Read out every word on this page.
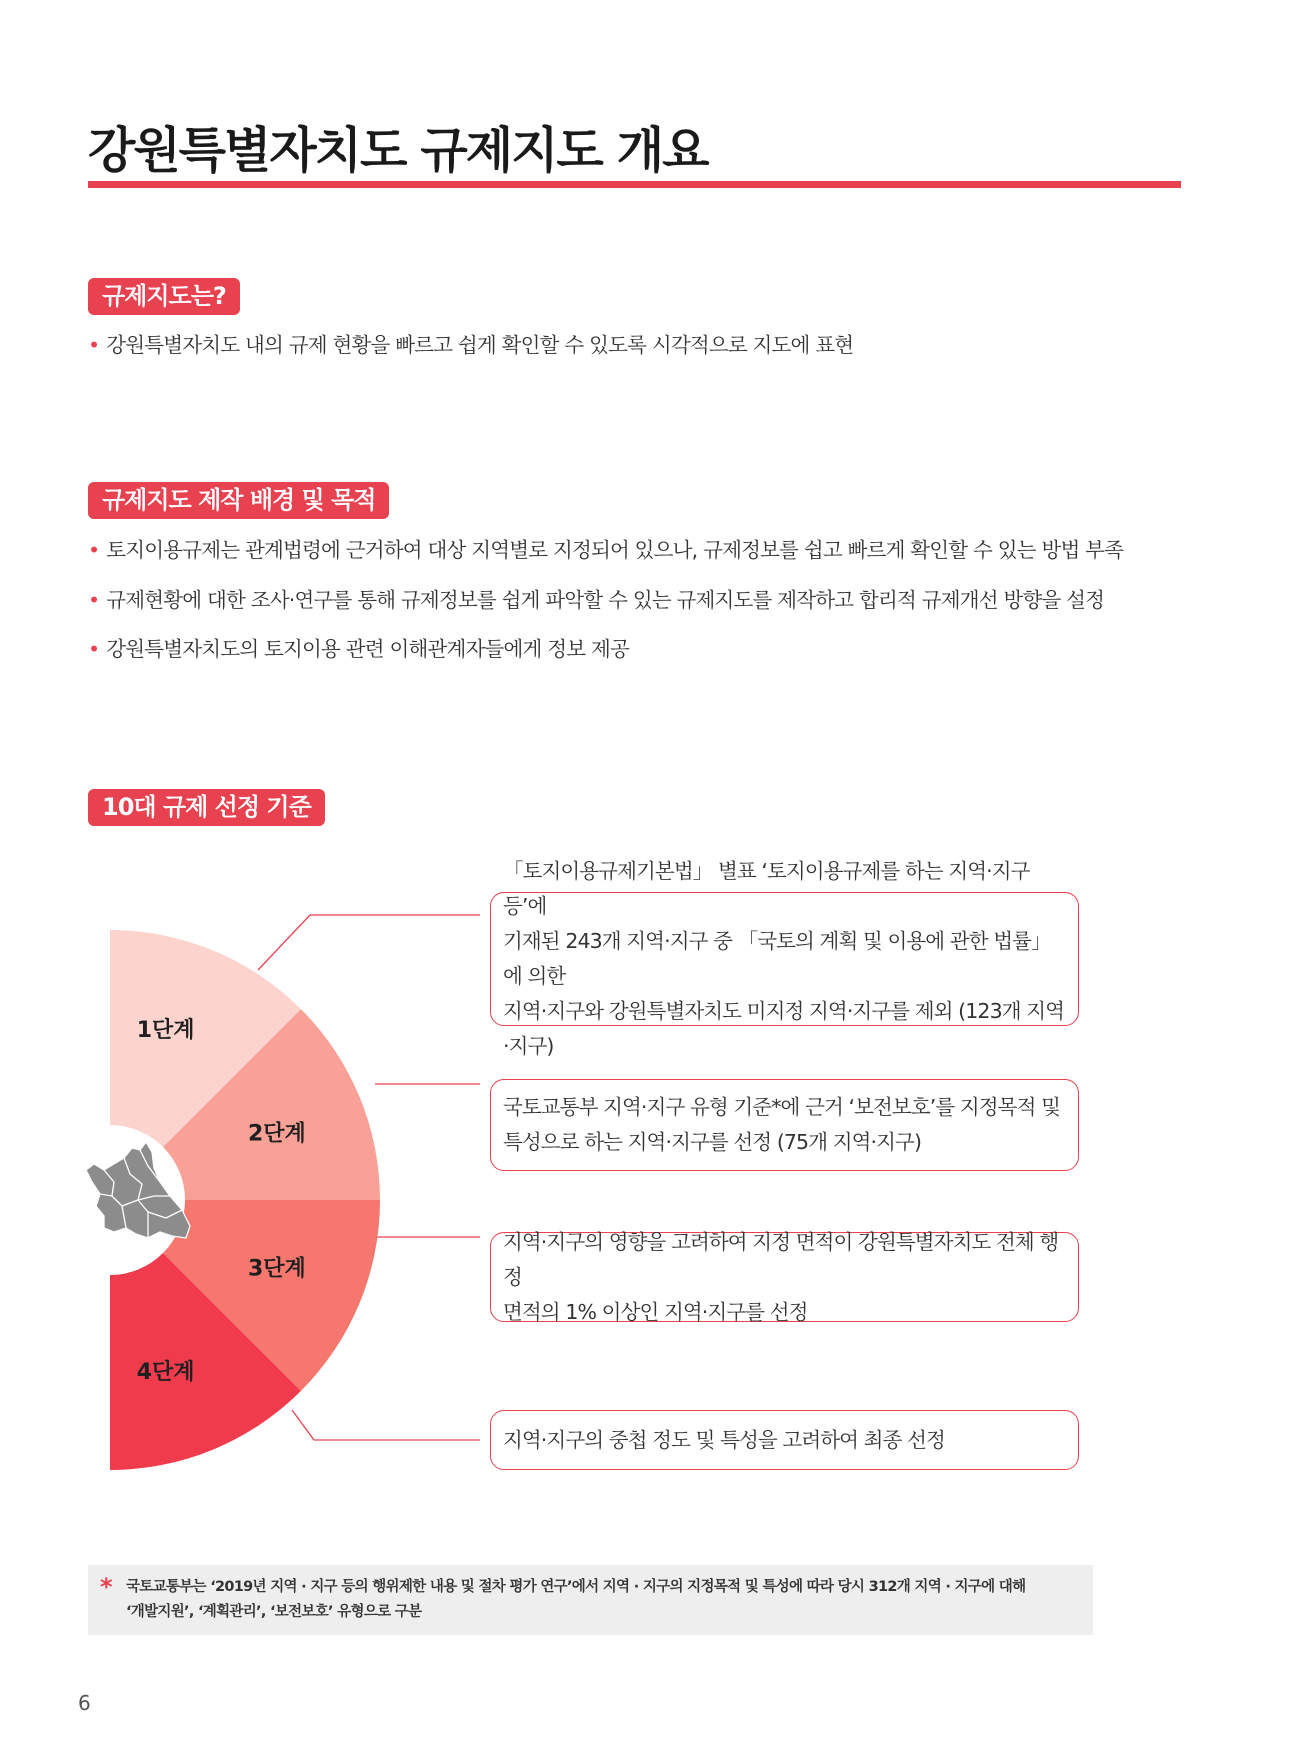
강원특별자치도 규제지도 개요
규제지도는?

• 강원특별자치도 내의 규제 현황을 빠르고 쉽게 확인할 수 있도록 시각적으로 지도에 표현

규제지도 제작 배경 및 목적

• 토지이용규제는 관계법령에 근거하여 대상 지역별로 지정되어 있으나, 규제정보를 쉽고 빠르게 확인할 수 있는 방법 부족

• 규제현황에 대한 조사·연구를 통해 규제정보를 쉽게 파악할 수 있는 규제지도를 제작하고 합리적 규제개선 방향을 설정

• 강원특별자치도의 토지이용 관련 이해관계자들에게 정보 제공

10대 규제 선정 기준
1단계
2단계
3단계
4단계

「토지이용규제기본법」 별표 ‘토지이용규제를 하는 지역·지구 등’에
기재된 243개 지역·지구 중 「국토의 계획 및 이용에 관한 법률」에 의한
지역·지구와 강원특별자치도 미지정 지역·지구를 제외 (123개 지역·지구)

국토교통부 지역·지구 유형 기준*에 근거 ‘보전보호’를 지정목적 및
특성으로 하는 지역·지구를 선정 (75개 지역·지구)

지역·지구의 영향을 고려하여 지정 면적이 강원특별자치도 전체 행정
면적의 1% 이상인 지역·지구를 선정

지역·지구의 중첩 정도 및 특성을 고려하여 최종 선정

* 국토교통부는 ‘2019년 지역 · 지구 등의 행위제한 내용 및 절차 평가 연구’에서 지역 · 지구의 지정목적 및 특성에 따라 당시 312개 지역 · 지구에 대해

‘개발지원’, ‘계획관리’, ‘보전보호’ 유형으로 구분

6
